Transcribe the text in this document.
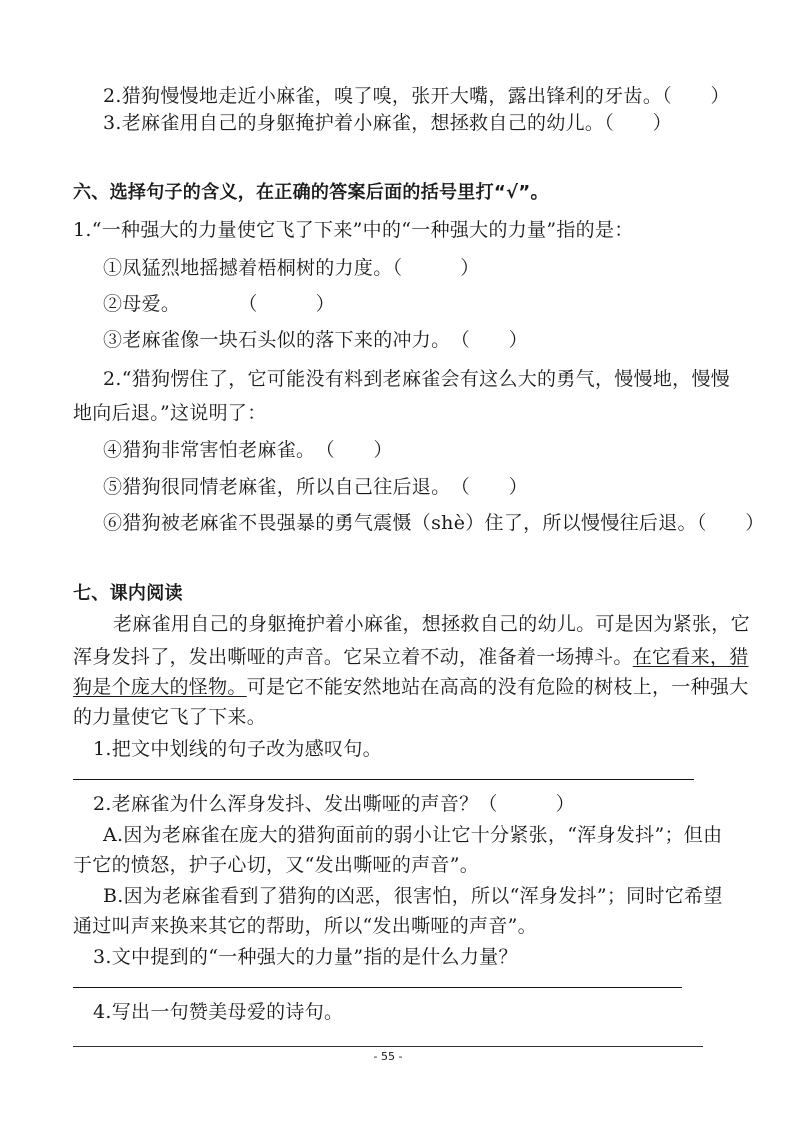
2.猎狗慢慢地走近小麻雀，嗅了嗅，张开大嘴，露出锋利的牙齿。（　　）
3.老麻雀用自己的身躯掩护着小麻雀，想拯救自己的幼儿。（　　）
六、选择句子的含义，在正确的答案后面的括号里打“√”。
1.“一种强大的力量使它飞了下来”中的“一种强大的力量”指的是：
①凤猛烈地摇撼着梧桐树的力度。（　　　）
②母爱。　　　　（　　　）
③老麻雀像一块石头似的落下来的冲力。　（　　）
2.“猎狗愣住了，它可能没有料到老麻雀会有这么大的勇气，慢慢地，慢慢
地向后退。”这说明了：
④猎狗非常害怕老麻雀。　（　　）
⑤猎狗很同情老麻雀，所以自己往后退。　（　　）
⑥猎狗被老麻雀不畏强暴的勇气震慑（shè）住了，所以慢慢往后退。（　　）
七、课内阅读
老麻雀用自己的身躯掩护着小麻雀，想拯救自己的幼儿。可是因为紧张，它
浑身发抖了，发出嘶哑的声音。它呆立着不动，准备着一场搏斗。在它看来，猎
狗是个庞大的怪物。可是它不能安然地站在高高的没有危险的树枝上，一种强大
的力量使它飞了下来。
1.把文中划线的句子改为感叹句。
2.老麻雀为什么浑身发抖、发出嘶哑的声音？（　　　）
A.因为老麻雀在庞大的猎狗面前的弱小让它十分紧张，“浑身发抖”；但由
于它的愤怒，护子心切，又“发出嘶哑的声音”。
B.因为老麻雀看到了猎狗的凶恶，很害怕，所以“浑身发抖”；同时它希望
通过叫声来换来其它的帮助，所以“发出嘶哑的声音”。
3.文中提到的“一种强大的力量”指的是什么力量？
4.写出一句赞美母爱的诗句。
- 55 -
